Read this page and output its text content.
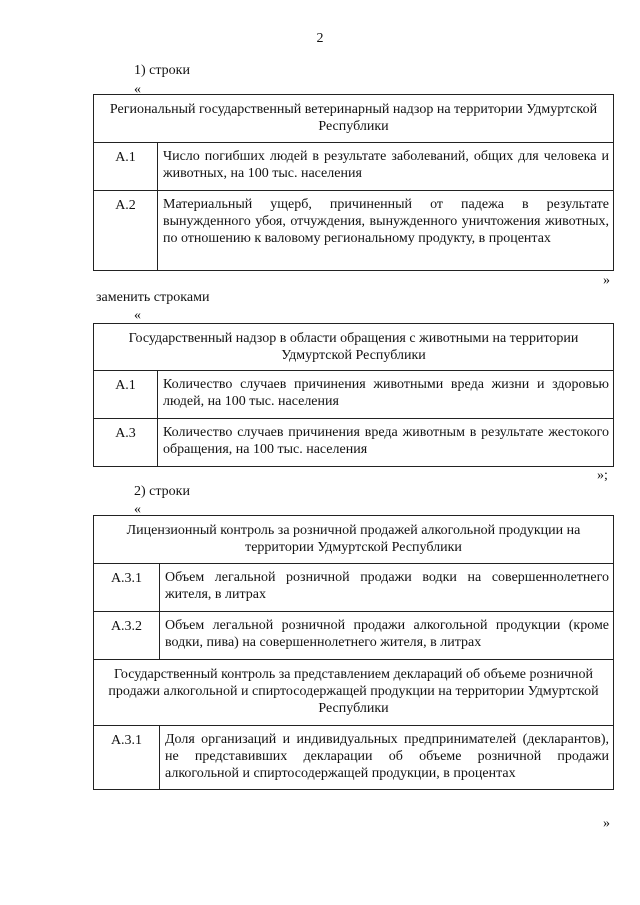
2
1) строки
«
Региональный государственный ветеринарный надзор на территории Удмуртской Республики	
А.1	Число погибших людей в результате заболеваний, общих для человека и животных, на 100 тыс. населения
А.2	Материальный ущерб, причиненный от падежа в результате вынужденного убоя, отчуждения, вынужденного уничтожения животных, по отношению к валовому региональному продукту, в процентах
»
заменить строками
«
Государственный надзор в области обращения с животными на территории Удмуртской Республики	
А.1	Количество случаев причинения животными вреда жизни и здоровью людей, на 100 тыс. населения
А.3	Количество случаев причинения вреда животным в результате жестокого обращения, на 100 тыс. населения
»;
2) строки
«
Лицензионный контроль за розничной продажей алкогольной продукции на территории Удмуртской Республики	
А.3.1	Объем легальной розничной продажи водки на совершеннолетнего жителя, в литрах
А.3.2	Объем легальной розничной продажи алкогольной продукции (кроме водки, пива) на совершеннолетнего жителя, в литрах
Государственный контроль за представлением деклараций об объеме розничной продажи алкогольной и спиртосодержащей продукции на территории Удмуртской Республики	
А.3.1	Доля организаций и индивидуальных предпринимателей (декларантов), не представивших декларации об объеме розничной продажи алкогольной и спиртосодержащей продукции, в процентах
»
